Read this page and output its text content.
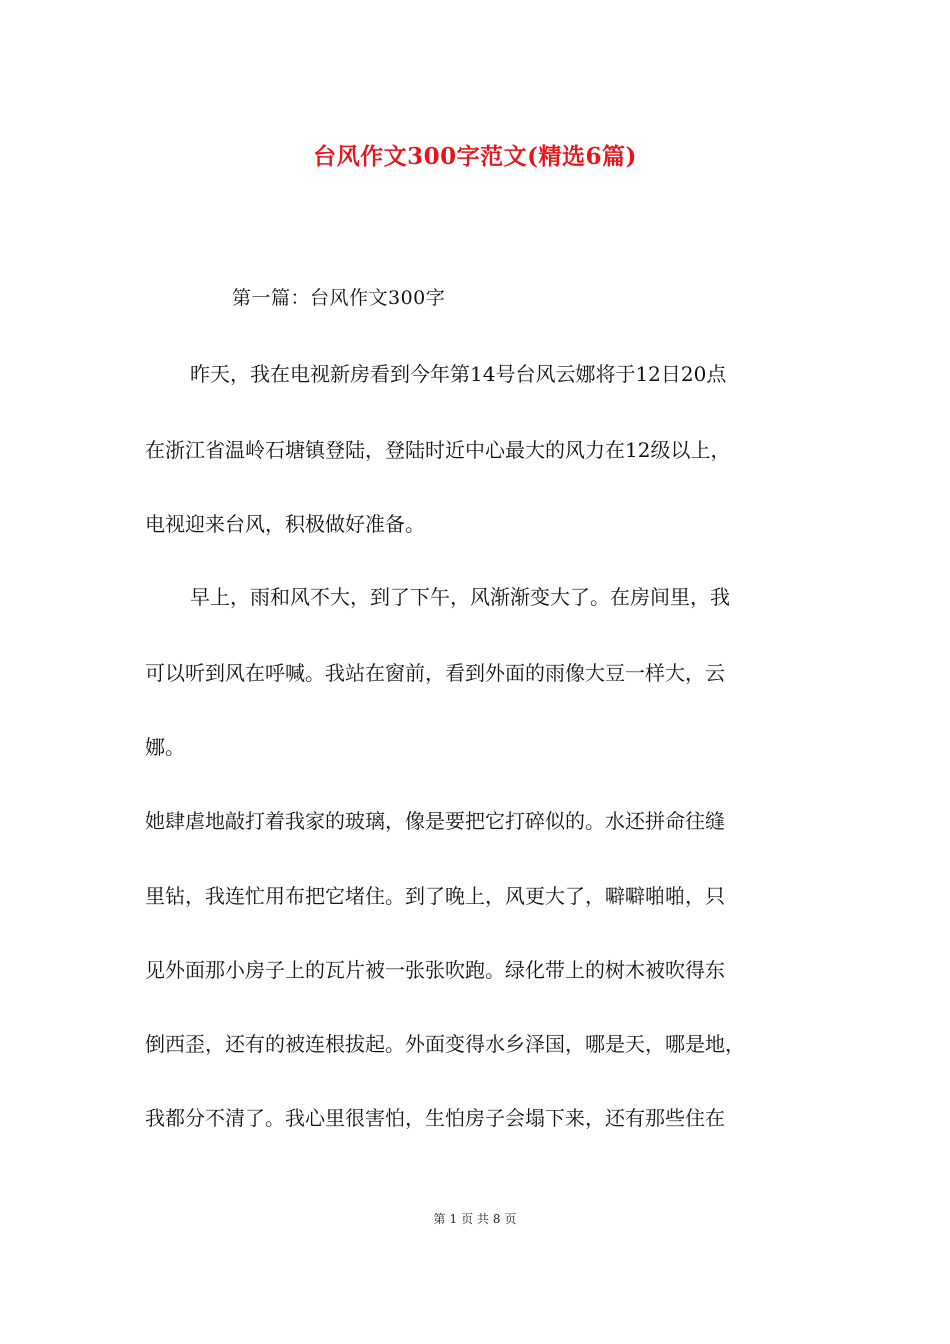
台风作文300字范文(精选6篇)
第一篇：台风作文300字
昨天，我在电视新房看到今年第14号台风云娜将于12日20点
在浙江省温岭石塘镇登陆，登陆时近中心最大的风力在12级以上，
电视迎来台风，积极做好准备。
早上，雨和风不大，到了下午，风渐渐变大了。在房间里，我
可以听到风在呼喊。我站在窗前，看到外面的雨像大豆一样大，云
娜。
她肆虐地敲打着我家的玻璃，像是要把它打碎似的。水还拼命往缝
里钻，我连忙用布把它堵住。到了晚上，风更大了，噼噼啪啪，只
见外面那小房子上的瓦片被一张张吹跑。绿化带上的树木被吹得东
倒西歪，还有的被连根拔起。外面变得水乡泽国，哪是天，哪是地，
我都分不清了。我心里很害怕，生怕房子会塌下来，还有那些住在
第 1 页 共 8 页
